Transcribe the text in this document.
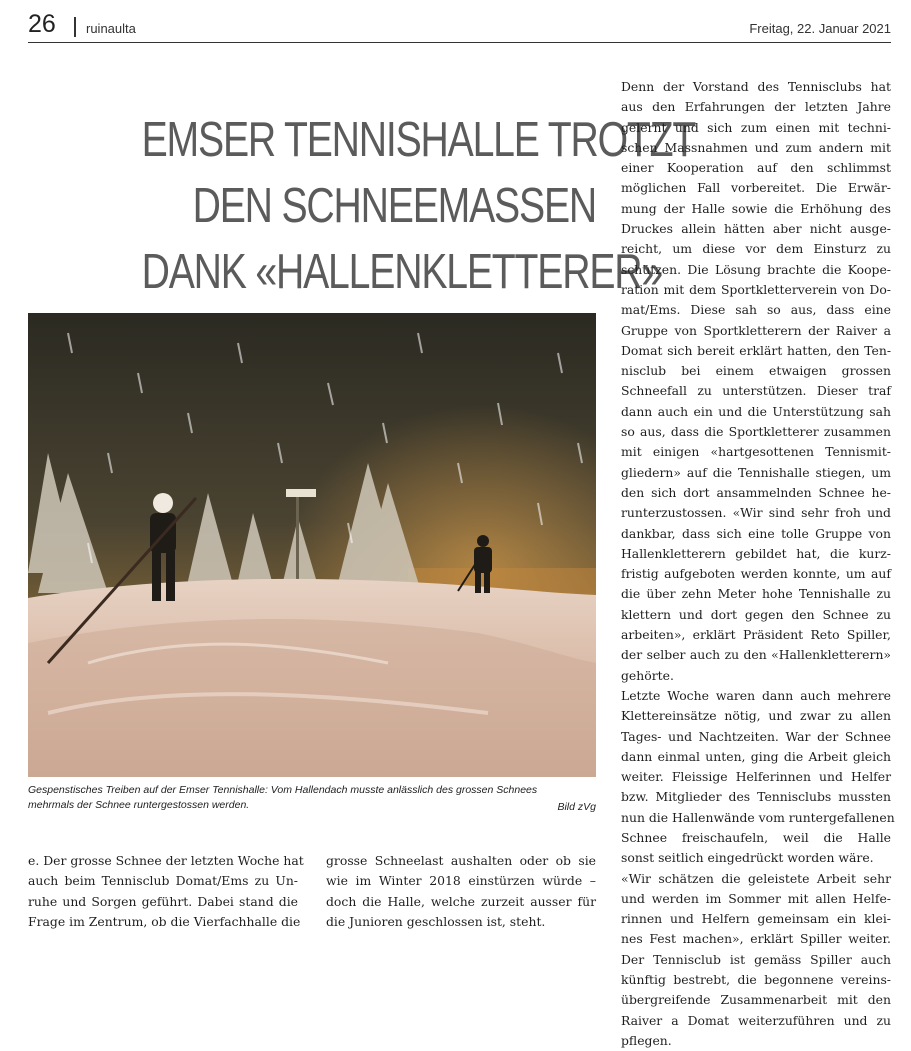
26 ruinaulta	Freitag, 22. Januar 2021
EMSER TENNISHALLE TROTZT
DEN SCHNEEMASSEN
DANK «HALLENKLETTERER»
Gespenstisches Treiben auf der Emser Tennishalle: Vom Hallendach musste anlässlich des grossen Schnees
mehrmals der Schnee runtergestossen werden.	Bild zVg
e. Der grosse Schnee der letzten Woche hat
auch beim Tennisclub Domat/Ems zu Un-
ruhe und Sorgen geführt. Dabei stand die
Frage im Zentrum, ob die Vierfachhalle die
grosse Schneelast aushalten oder ob sie
wie im Winter 2018 einstürzen würde –
doch die Halle, welche zurzeit ausser für
die Junioren geschlossen ist, steht.
Denn der Vorstand des Tennisclubs hat
aus den Erfahrungen der letzten Jahre
gelernt und sich zum einen mit techni-
schen Massnahmen und zum andern mit
einer Kooperation auf den schlimmst
möglichen Fall vorbereitet. Die Erwär-
mung der Halle sowie die Erhöhung des
Druckes allein hätten aber nicht ausge-
reicht, um diese vor dem Einsturz zu
schützen. Die Lösung brachte die Koope-
ration mit dem Sportkletterverein von Do-
mat/Ems. Diese sah so aus, dass eine
Gruppe von Sportkletterern der Raiver a
Domat sich bereit erklärt hatten, den Ten-
nisclub bei einem etwaigen grossen
Schneefall zu unterstützen. Dieser traf
dann auch ein und die Unterstützung sah
so aus, dass die Sportkletterer zusammen
mit einigen «hartgesottenen Tennismit-
gliedern» auf die Tennishalle stiegen, um
den sich dort ansammelnden Schnee he-
runterzustossen. «Wir sind sehr froh und
dankbar, dass sich eine tolle Gruppe von
Hallenkletterern gebildet hat, die kurz-
fristig aufgeboten werden konnte, um auf
die über zehn Meter hohe Tennishalle zu
klettern und dort gegen den Schnee zu
arbeiten», erklärt Präsident Reto Spiller,
der selber auch zu den «Hallenkletterern»
gehörte.
Letzte Woche waren dann auch mehrere
Klettereinsätze nötig, und zwar zu allen
Tages- und Nachtzeiten. War der Schnee
dann einmal unten, ging die Arbeit gleich
weiter. Fleissige Helferinnen und Helfer
bzw. Mitglieder des Tennisclubs mussten
nun die Hallenwände vom runtergefallenen
Schnee freischaufeln, weil die Halle
sonst seitlich eingedrückt worden wäre.
«Wir schätzen die geleistete Arbeit sehr
und werden im Sommer mit allen Helfe-
rinnen und Helfern gemeinsam ein klei-
nes Fest machen», erklärt Spiller weiter.
Der Tennisclub ist gemäss Spiller auch
künftig bestrebt, die begonnene vereins-
übergreifende Zusammenarbeit mit den
Raiver a Domat weiterzuführen und zu
pflegen.
